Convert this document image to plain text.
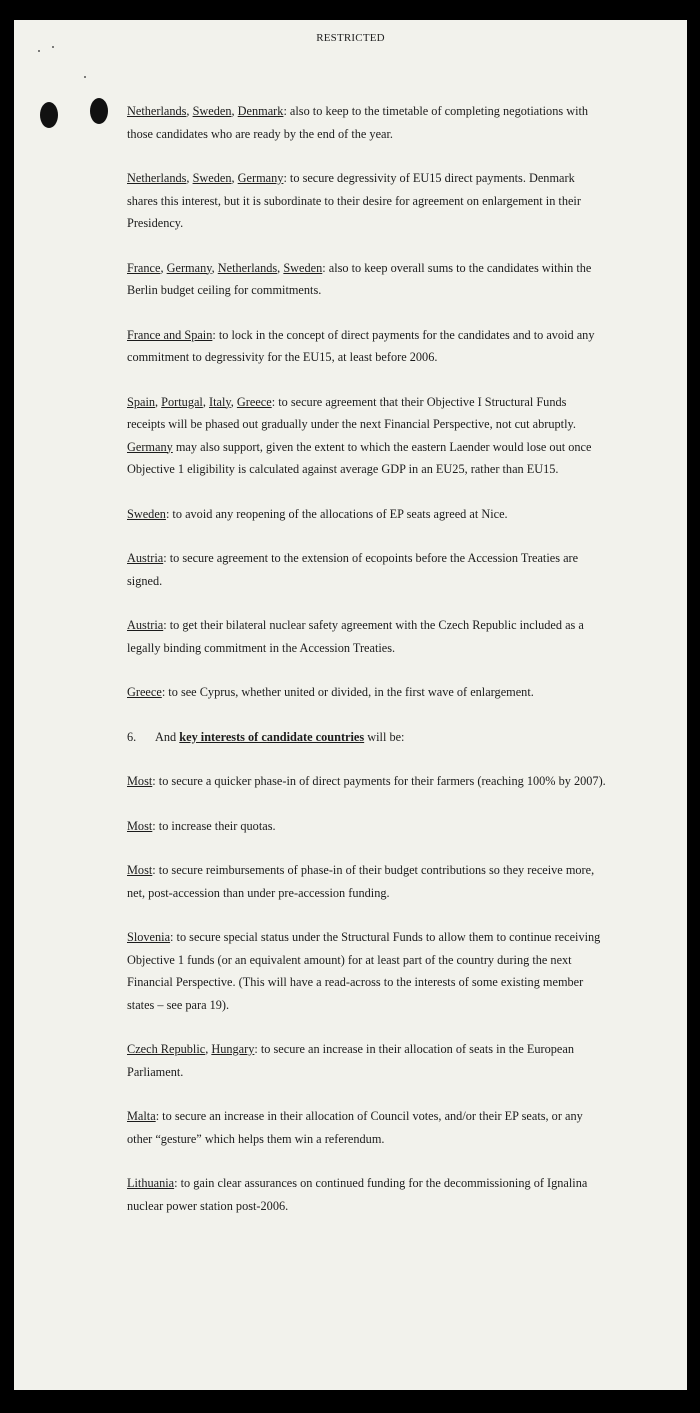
RESTRICTED

Netherlands, Sweden, Denmark: also to keep to the timetable of completing negotiations with those candidates who are ready by the end of the year.

Netherlands, Sweden, Germany: to secure degressivity of EU15 direct payments. Denmark shares this interest, but it is subordinate to their desire for agreement on enlargement in their Presidency.

France, Germany, Netherlands, Sweden: also to keep overall sums to the candidates within the Berlin budget ceiling for commitments.

France and Spain: to lock in the concept of direct payments for the candidates and to avoid any commitment to degressivity for the EU15, at least before 2006.

Spain, Portugal, Italy, Greece: to secure agreement that their Objective I Structural Funds receipts will be phased out gradually under the next Financial Perspective, not cut abruptly. Germany may also support, given the extent to which the eastern Laender would lose out once Objective 1 eligibility is calculated against average GDP in an EU25, rather than EU15.

Sweden: to avoid any reopening of the allocations of EP seats agreed at Nice.

Austria: to secure agreement to the extension of ecopoints before the Accession Treaties are signed.

Austria: to get their bilateral nuclear safety agreement with the Czech Republic included as a legally binding commitment in the Accession Treaties.

Greece: to see Cyprus, whether united or divided, in the first wave of enlargement.

6. And key interests of candidate countries will be:

Most: to secure a quicker phase-in of direct payments for their farmers (reaching 100% by 2007).

Most: to increase their quotas.

Most: to secure reimbursements of phase-in of their budget contributions so they receive more, net, post-accession than under pre-accession funding.

Slovenia: to secure special status under the Structural Funds to allow them to continue receiving Objective 1 funds (or an equivalent amount) for at least part of the country during the next Financial Perspective. (This will have a read-across to the interests of some existing member states – see para 19).

Czech Republic, Hungary: to secure an increase in their allocation of seats in the European Parliament.

Malta: to secure an increase in their allocation of Council votes, and/or their EP seats, or any other “gesture” which helps them win a referendum.

Lithuania: to gain clear assurances on continued funding for the decommissioning of Ignalina nuclear power station post-2006.
